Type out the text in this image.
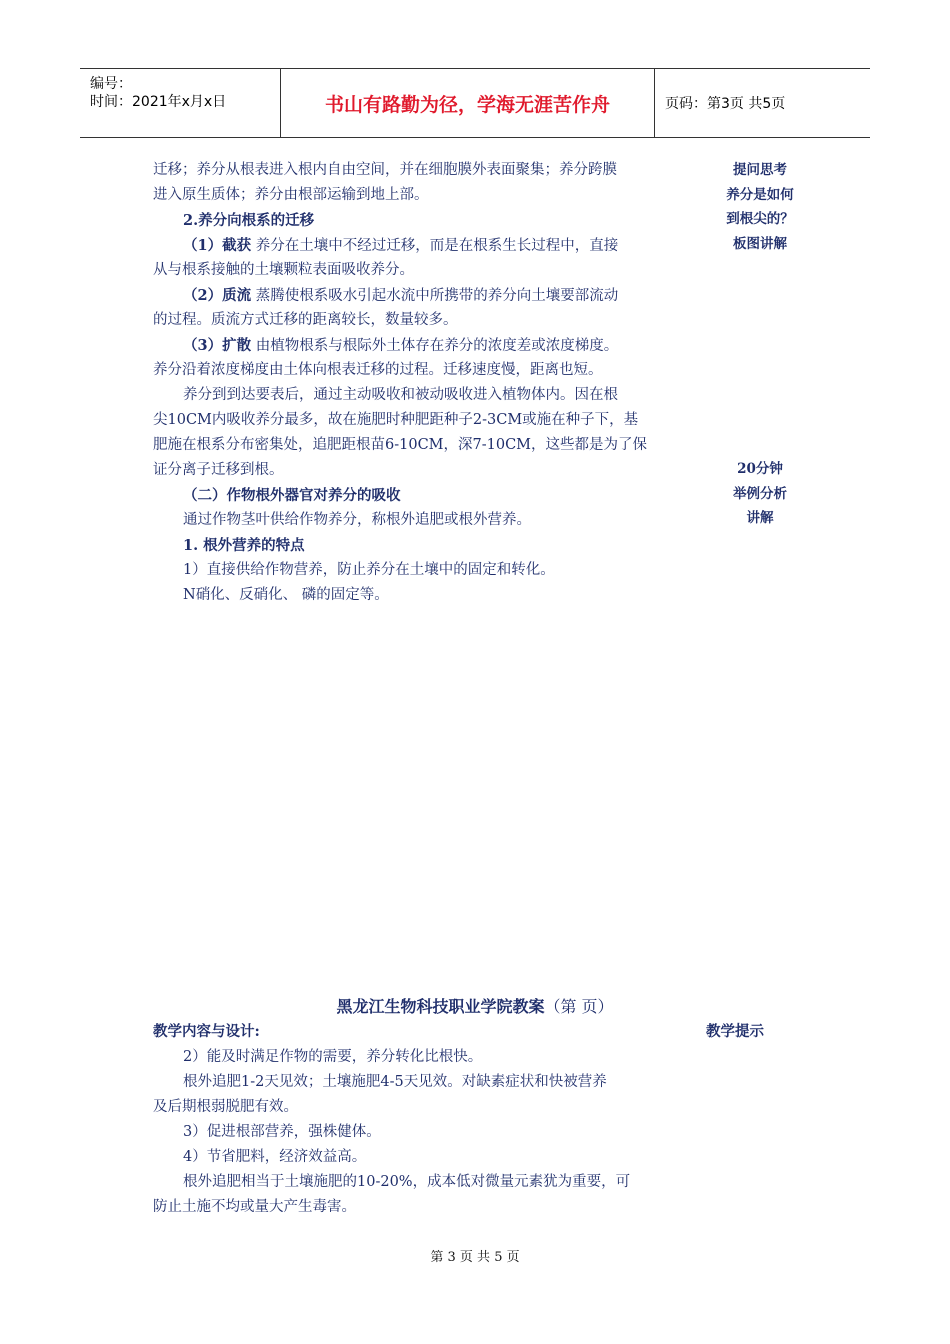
编号：
时间：2021年x月x日	书山有路勤为径，学海无涯苦作舟	页码：第3页 共5页
迁移；养分从根表进入根内自由空间，并在细胞膜外表面聚集；养分跨膜
进入原生质体；养分由根部运输到地上部。
2.养分向根系的迁移
（1）截获 养分在土壤中不经过迁移，而是在根系生长过程中，直接
从与根系接触的土壤颗粒表面吸收养分。
（2）质流 蒸腾使根系吸水引起水流中所携带的养分向土壤要部流动
的过程。质流方式迁移的距离较长，数量较多。
（3）扩散 由植物根系与根际外土体存在养分的浓度差或浓度梯度。
养分沿着浓度梯度由土体向根表迁移的过程。迁移速度慢，距离也短。
养分到到达要表后，通过主动吸收和被动吸收进入植物体内。因在根
尖10CM内吸收养分最多，故在施肥时种肥距种子2-3CM或施在种子下，基
肥施在根系分布密集处，追肥距根苗6-10CM，深7-10CM，这些都是为了保
证分离子迁移到根。
（二）作物根外器官对养分的吸收
通过作物茎叶供给作物养分，称根外追肥或根外营养。
1. 根外营养的特点
1）直接供给作物营养，防止养分在土壤中的固定和转化。
N硝化、反硝化、 磷的固定等。
提问思考
养分是如何
到根尖的？
板图讲解
20分钟
举例分析
讲解
黑龙江生物科技职业学院教案（第 页）
教学内容与设计:	教学提示
2）能及时满足作物的需要，养分转化比根快。
根外追肥1-2天见效；土壤施肥4-5天见效。对缺素症状和快被营养
及后期根弱脱肥有效。
3）促进根部营养，强株健体。
4）节省肥料，经济效益高。
根外追肥相当于土壤施肥的10-20%，成本低对微量元素犹为重要，可
防止土施不均或量大产生毒害。
第 3 页 共 5 页
